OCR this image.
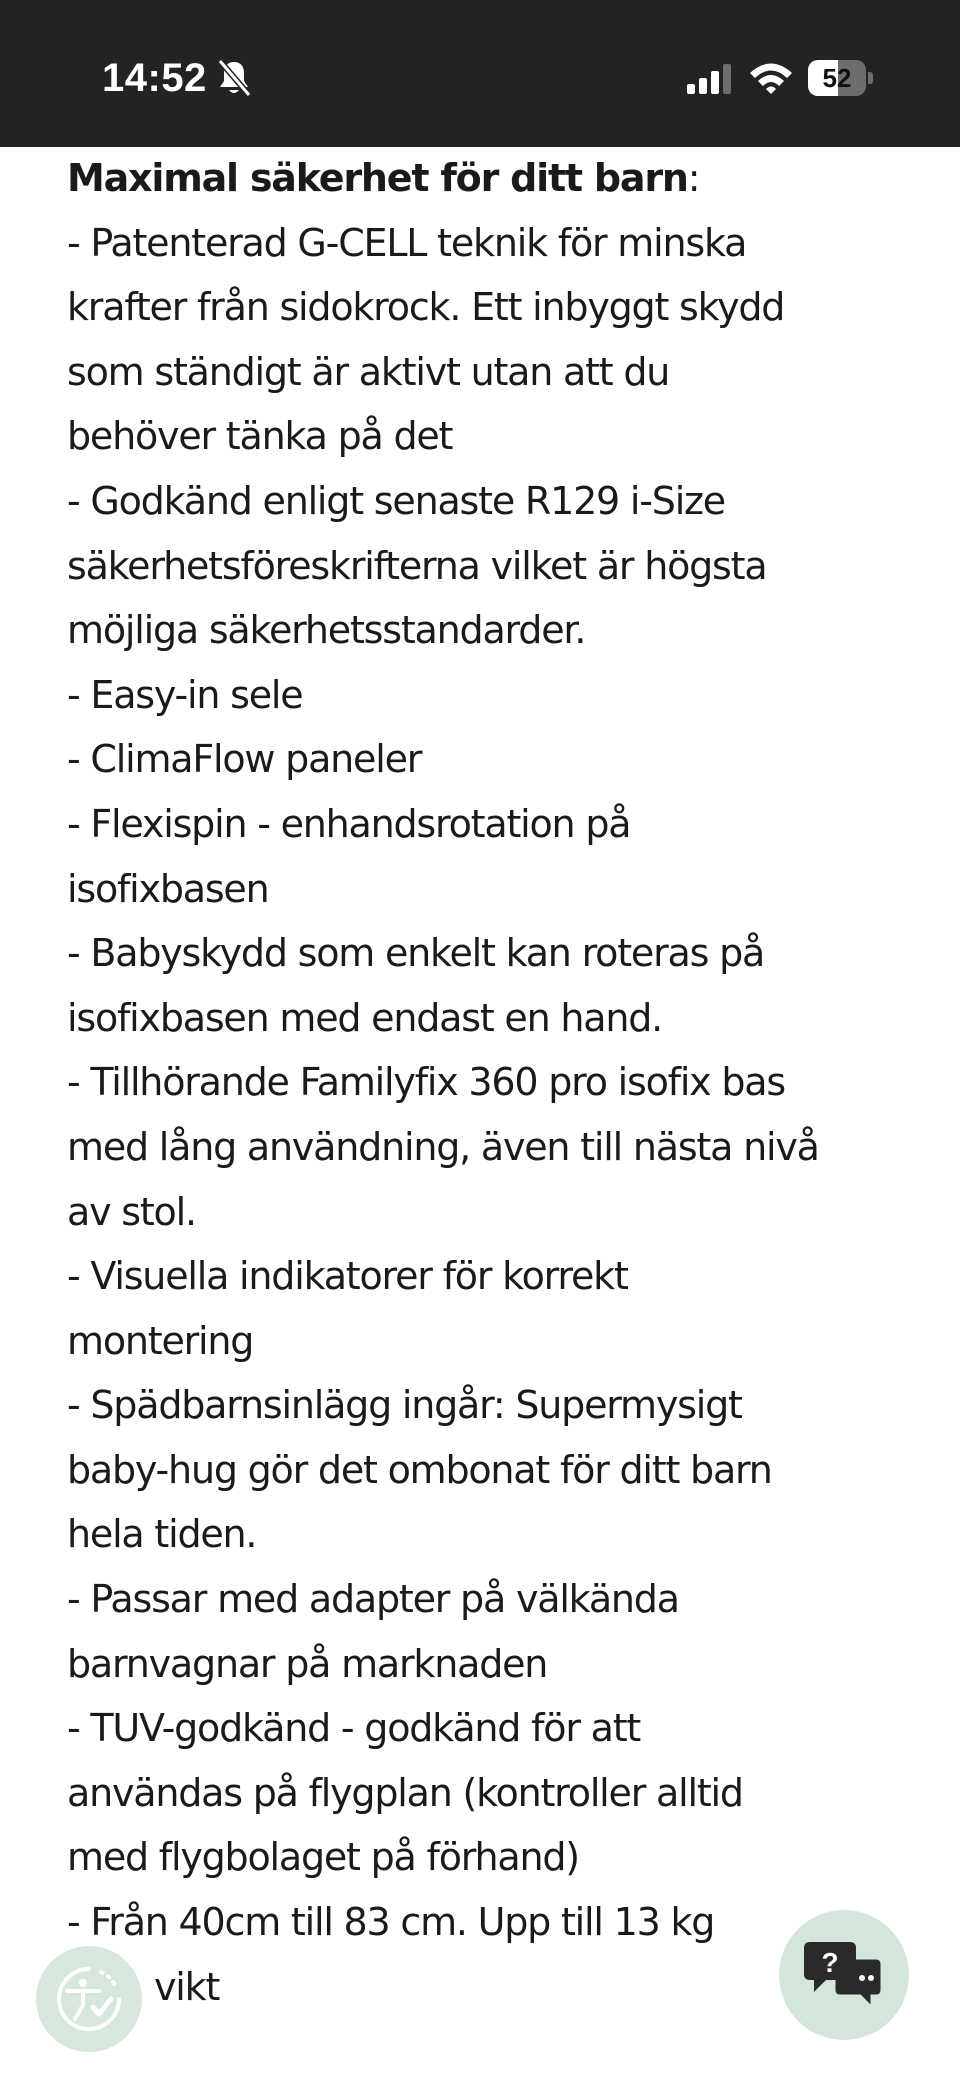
14:52	52

Maximal säkerhet för ditt barn:

- Patenterad G-CELL teknik för minska

krafter från sidokrock. Ett inbyggt skydd

som ständigt är aktivt utan att du

behöver tänka på det

- Godkänd enligt senaste R129 i-Size

säkerhetsföreskrifterna vilket är högsta

möjliga säkerhetsstandarder.

- Easy-in sele

- ClimaFlow paneler

- Flexispin - enhandsrotation på

isofixbasen

- Babyskydd som enkelt kan roteras på

isofixbasen med endast en hand.

- Tillhörande Familyfix 360 pro isofix bas

med lång användning, även till nästa nivå

av stol.

- Visuella indikatorer för korrekt

montering

- Spädbarnsinlägg ingår: Supermysigt

baby-hug gör det ombonat för ditt barn

hela tiden.

- Passar med adapter på välkända

barnvagnar på marknaden

- TUV-godkänd - godkänd för att

användas på flygplan (kontroller alltid

med flygbolaget på förhand)

- Från 40cm till 83 cm. Upp till 13 kg

vikt

?
